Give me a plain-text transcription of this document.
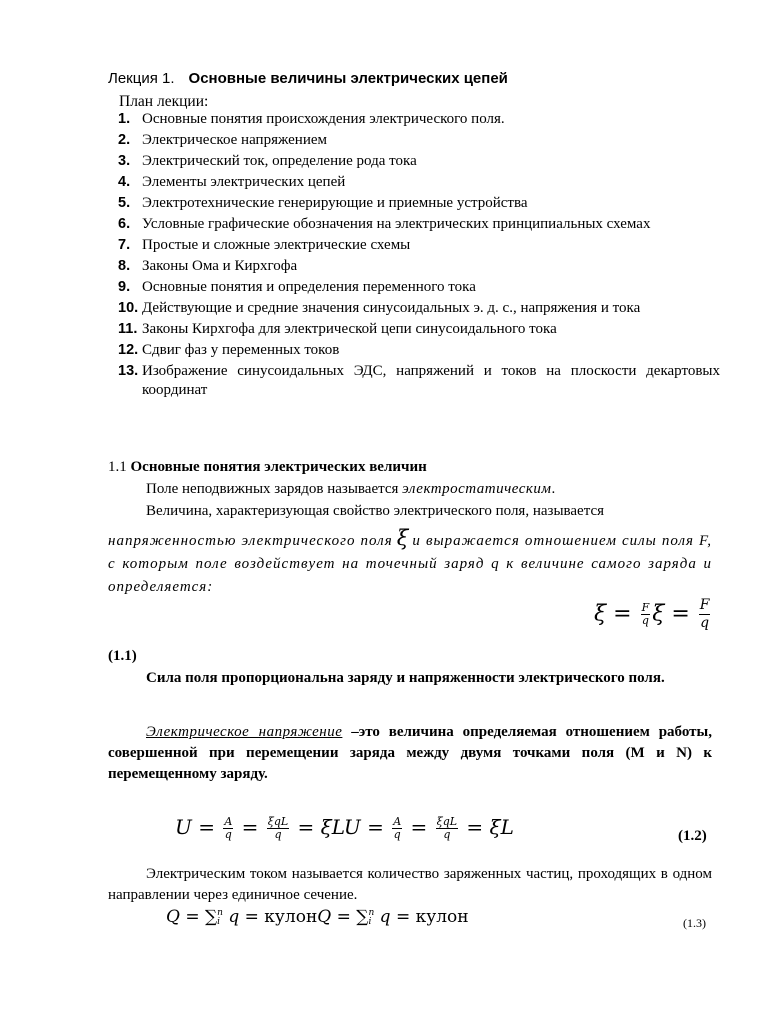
Лекция 1. Основные величины электрических цепей
План лекции:
1. Основные понятия происхождения электрического поля.
2. Электрическое напряжением
3. Электрический ток, определение рода тока
4. Элементы электрических цепей
5. Электротехнические генерирующие и приемные устройства
6. Условные графические обозначения на электрических принципиальных схемах
7. Простые и сложные электрические схемы
8. Законы Ома и Кирхгофа
9. Основные понятия и определения переменного тока
10. Действующие и средние значения синусоидальных э. д. с., напряжения и тока
11. Законы Кирхгофа для электрической цепи синусоидального тока
12. Сдвиг фаз у переменных токов
13. Изображение синусоидальных ЭДС, напряжений и токов на плоскости декартовых координат
1.1 Основные понятия электрических величин
Поле неподвижных зарядов называется электростатическим.
Величина, характеризующая свойство электрического поля, называется
напряженностью электрического поля ξ и выражается отношением силы поля F, с которым поле воздействует на точечный заряд q к величине самого заряда и определяется:
$\xi = \frac{F}{q}$ $\xi = \frac{F}{q}$
(1.1)
Сила поля пропорциональна заряду и напряженности электрического поля.
Электрическое напряжение –это величина определяемая отношением работы, совершенной при перемещении заряда между двумя точками поля (М и N) к перемещенному заряду.
$U = \frac{A}{q} = \frac{\text{ξqL}}{q} = \xi LU = \frac{A}{q} = \frac{\text{ξqL}}{q} = \xi L$	(1.2)
Электрическим током называется количество заряженных частиц, проходящих в одном направлении через единичное сечение.
Q = ∑ n
i q = кулонQ = ∑ n
i q = кулон	(1.3)
